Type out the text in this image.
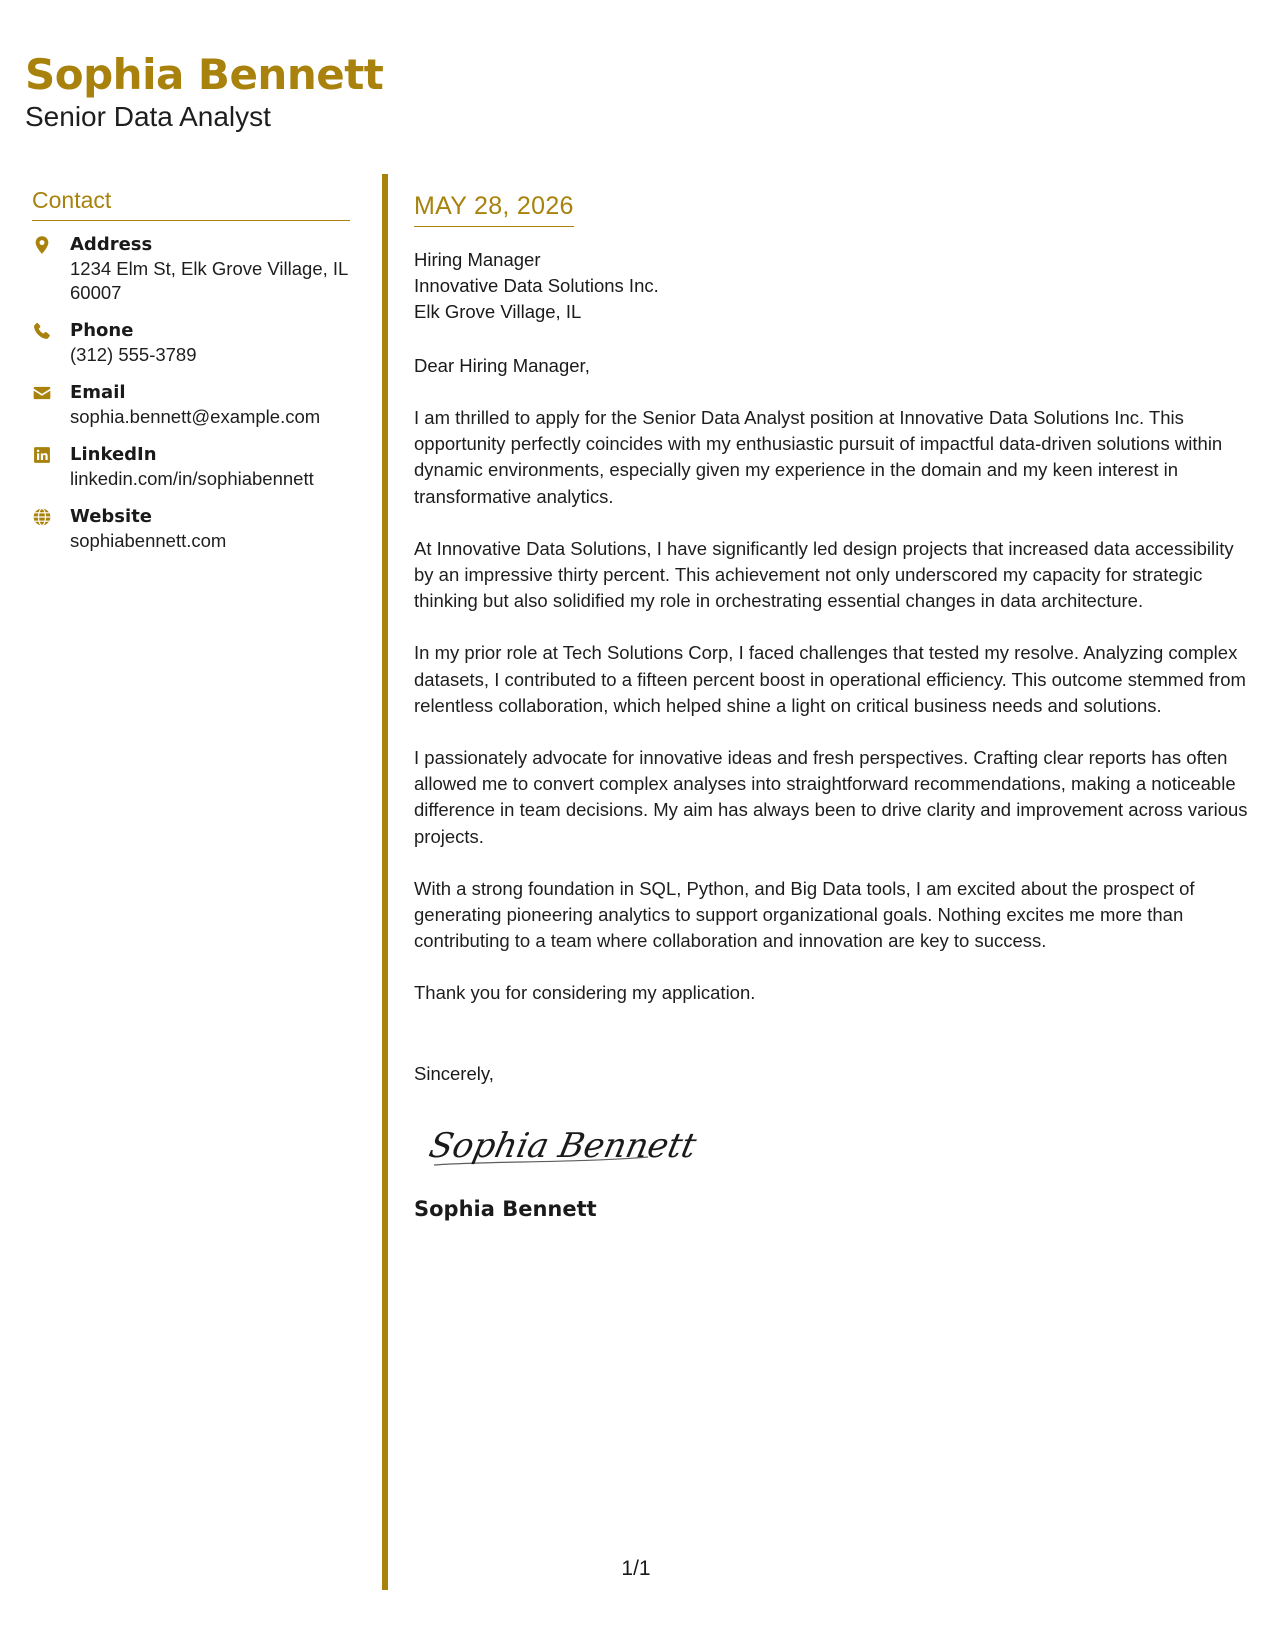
Sophia Bennett
Senior Data Analyst
Contact
Address
1234 Elm St, Elk Grove Village, IL 60007
Phone
(312) 555-3789
Email
sophia.bennett@example.com
LinkedIn
linkedin.com/in/sophiabennett
Website
sophiabennett.com
MAY 28, 2026
Hiring Manager
Innovative Data Solutions Inc.
Elk Grove Village, IL
Dear Hiring Manager,
I am thrilled to apply for the Senior Data Analyst position at Innovative Data Solutions Inc. This opportunity perfectly coincides with my enthusiastic pursuit of impactful data-driven solutions within dynamic environments, especially given my experience in the domain and my keen interest in transformative analytics.
At Innovative Data Solutions, I have significantly led design projects that increased data accessibility by an impressive thirty percent. This achievement not only underscored my capacity for strategic thinking but also solidified my role in orchestrating essential changes in data architecture.
In my prior role at Tech Solutions Corp, I faced challenges that tested my resolve. Analyzing complex datasets, I contributed to a fifteen percent boost in operational efficiency. This outcome stemmed from relentless collaboration, which helped shine a light on critical business needs and solutions.
I passionately advocate for innovative ideas and fresh perspectives. Crafting clear reports has often allowed me to convert complex analyses into straightforward recommendations, making a noticeable difference in team decisions. My aim has always been to drive clarity and improvement across various projects.
With a strong foundation in SQL, Python, and Big Data tools, I am excited about the prospect of generating pioneering analytics to support organizational goals. Nothing excites me more than contributing to a team where collaboration and innovation are key to success.
Thank you for considering my application.
Sincerely,
Sophia Bennett
Sophia Bennett
1/1
